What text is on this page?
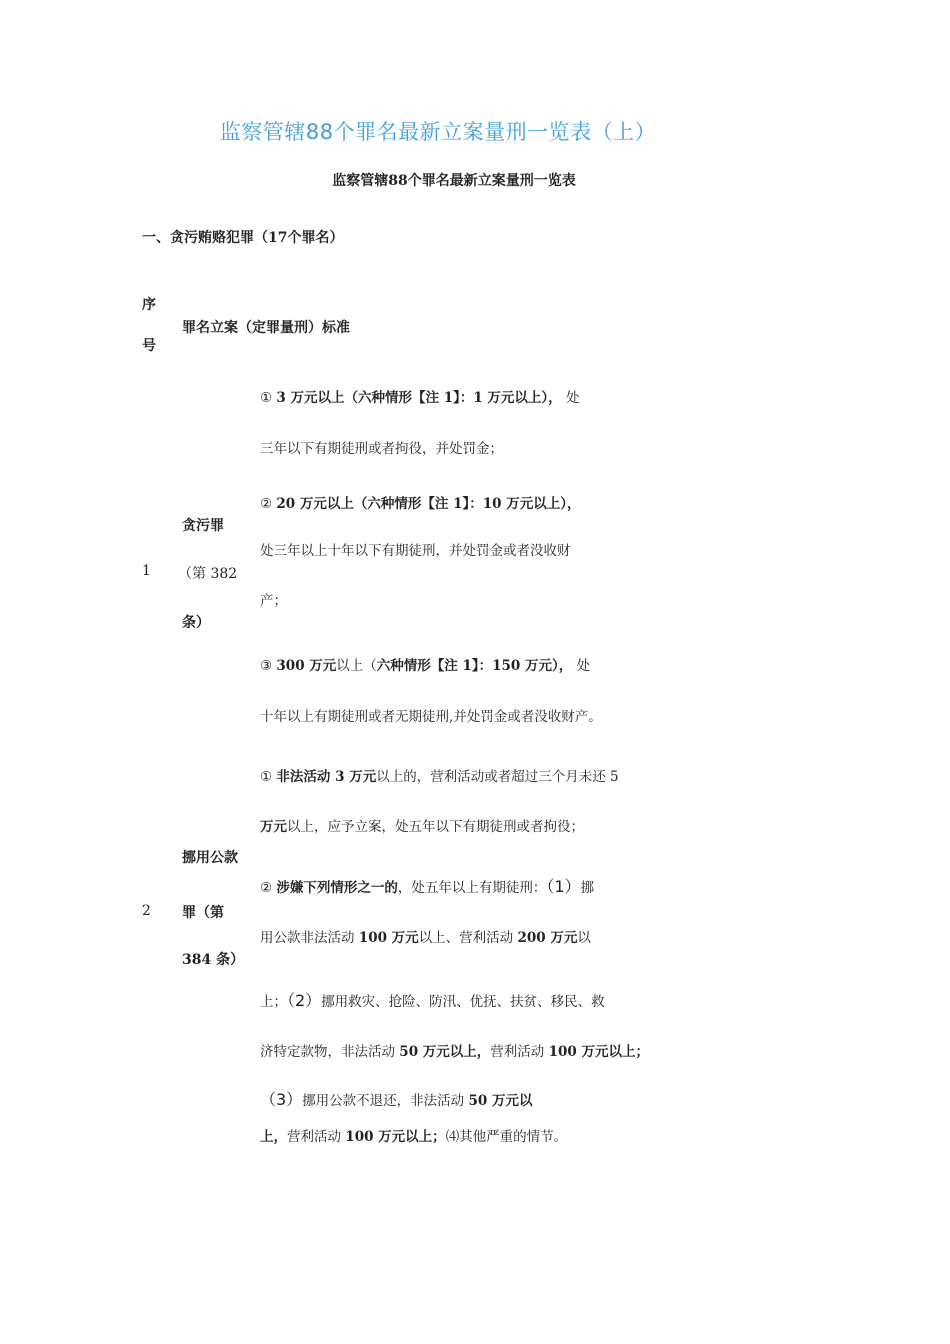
监察管辖88个罪名最新立案量刑一览表（上）
监察管辖88个罪名最新立案量刑一览表
一、贪污贿赂犯罪（17个罪名）
序
号
罪名立案（定罪量刑）标准
1
贪污罪
（第 382
条）
① 3 万元以上（六种情形【注 1】：1 万元以上）， 处
三年以下有期徒刑或者拘役，并处罚金；
② 20 万元以上（六种情形【注 1】：10 万元以上），
处三年以上十年以下有期徒刑，并处罚金或者没收财
产；
③ 300 万元以上（六种情形【注 1】：150 万元）， 处
十年以上有期徒刑或者无期徒刑,并处罚金或者没收财产。
2
挪用公款
罪（第
384 条）
① 非法活动 3 万元以上的，营利活动或者超过三个月未还 5
万元以上，应予立案，处五年以下有期徒刑或者拘役；
② 涉嫌下列情形之一的，处五年以上有期徒刑：（1）挪
用公款非法活动 100 万元以上、营利活动 200 万元以
上；（2）挪用救灾、抢险、防汛、优抚、扶贫、移民、救
济特定款物，非法活动 50 万元以上，营利活动 100 万元以上；
（3）挪用公款不退还，非法活动 50 万元以
上，营利活动 100 万元以上；⑷其他严重的情节。
